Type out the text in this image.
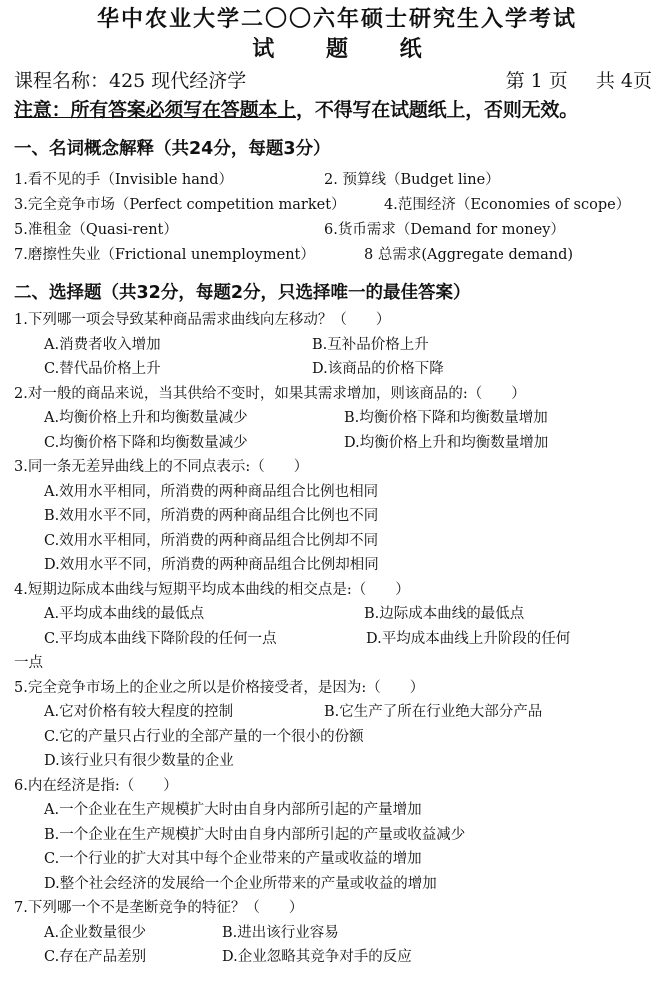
华中农业大学二〇〇六年硕士研究生入学考试
试 题 纸
课程名称：425 现代经济学	第 1 页 共 4页
注意：所有答案必须写在答题本上，不得写在试题纸上，否则无效。
一、名词概念解释（共24分，每题3分）
1.看不见的手（Invisible hand）	2. 预算线（Budget line）
3.完全竞争市场（Perfect competition market）	4.范围经济（Economies of scope）
5.准租金（Quasi-rent）	6.货币需求（Demand for money）
7.磨擦性失业（Frictional unemployment）	8 总需求(Aggregate demand)
二、选择题（共32分，每题2分，只选择唯一的最佳答案）
1.下列哪一项会导致某种商品需求曲线向左移动？（　　）
A.消费者收入增加	B.互补品价格上升
C.替代品价格上升	D.该商品的价格下降
2.对一般的商品来说，当其供给不变时，如果其需求增加，则该商品的:（　　）
A.均衡价格上升和均衡数量减少	B.均衡价格下降和均衡数量增加
C.均衡价格下降和均衡数量减少	D.均衡价格上升和均衡数量增加
3.同一条无差异曲线上的不同点表示:（　　）
A.效用水平相同，所消费的两种商品组合比例也相同
B.效用水平不同，所消费的两种商品组合比例也不同
C.效用水平相同，所消费的两种商品组合比例却不同
D.效用水平不同，所消费的两种商品组合比例却相同
4.短期边际成本曲线与短期平均成本曲线的相交点是:（　　）
A.平均成本曲线的最低点	B.边际成本曲线的最低点
C.平均成本曲线下降阶段的任何一点	D.平均成本曲线上升阶段的任何
一点
5.完全竞争市场上的企业之所以是价格接受者，是因为:（　　）
A.它对价格有较大程度的控制	B.它生产了所在行业绝大部分产品
C.它的产量只占行业的全部产量的一个很小的份额
D.该行业只有很少数量的企业
6.内在经济是指:（　　）
A.一个企业在生产规模扩大时由自身内部所引起的产量增加
B.一个企业在生产规模扩大时由自身内部所引起的产量或收益减少
C.一个行业的扩大对其中每个企业带来的产量或收益的增加
D.整个社会经济的发展给一个企业所带来的产量或收益的增加
7.下列哪一个不是垄断竞争的特征？（　　）
A.企业数量很少	B.进出该行业容易
C.存在产品差别	D.企业忽略其竞争对手的反应
